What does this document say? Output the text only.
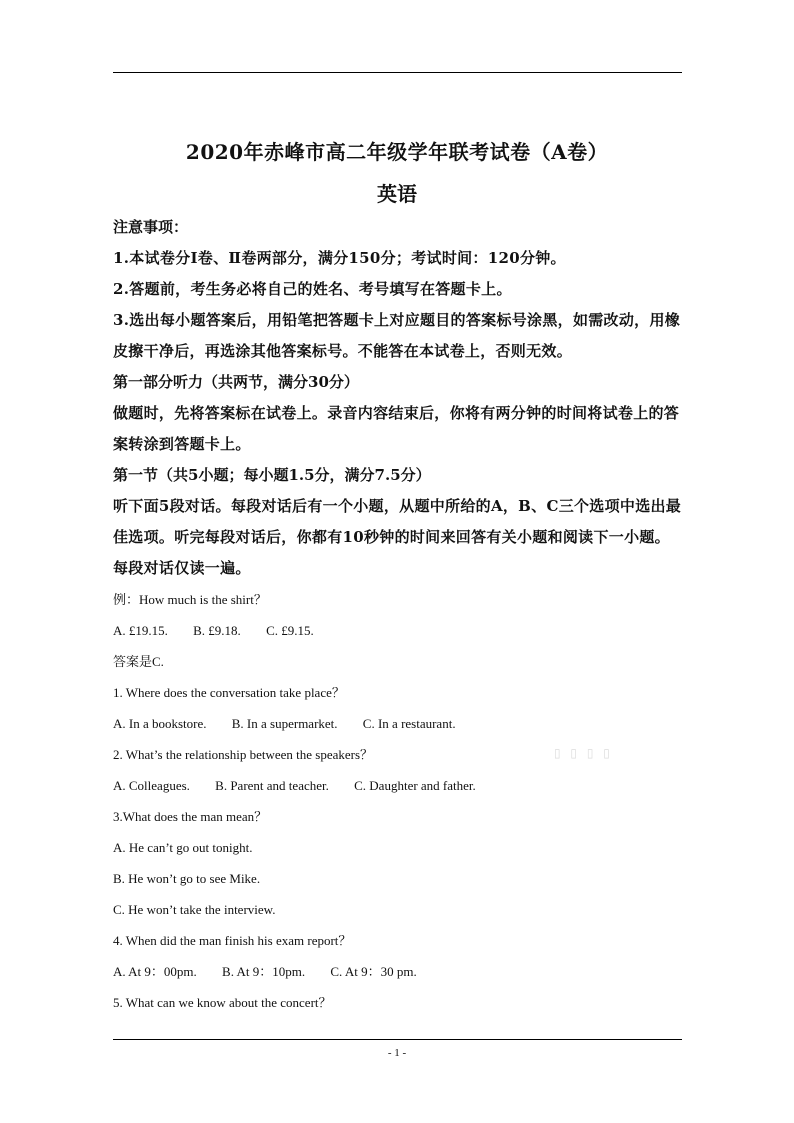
2020年赤峰市高二年级学年联考试卷（A卷）
英语

注意事项：

1.本试卷分Ⅰ卷、Ⅱ卷两部分，满分150分；考试时间：120分钟。

2.答题前，考生务必将自己的姓名、考号填写在答题卡上。

3.选出每小题答案后，用铅笔把答题卡上对应题目的答案标号涂黑，如需改动，用橡皮擦干净后，再选涂其他答案标号。不能答在本试卷上，否则无效。

第一部分听力（共两节，满分30分）

做题时，先将答案标在试卷上。录音内容结束后，你将有两分钟的时间将试卷上的答案转涂到答题卡上。

第一节（共5小题；每小题1.5分，满分7.5分）

听下面5段对话。每段对话后有一个小题，从题中所给的A，B、C三个选项中选出最佳选项。听完每段对话后，你都有10秒钟的时间来回答有关小题和阅读下一小题。每段对话仅读一遍。

例：How much is the shirt？

A. £19.15. B. £9.18. C. £9.15.

答案是C.

1. Where does the conversation take place？

A. In a bookstore. B. In a supermarket. C. In a restaurant.

2. What’s the relationship between the speakers？

A. Colleagues. B. Parent and teacher. C. Daughter and father.

3.What does the man mean？

A. He can’t go out tonight.

B. He won’t go to see Mike.

C. He won’t take the interview.

4. When did the man finish his exam report？

A. At 9：00pm. B. At 9：10pm. C. At 9：30 pm.

5. What can we know about the concert？

▯ ▯ ▯ ▯
- 1 -
